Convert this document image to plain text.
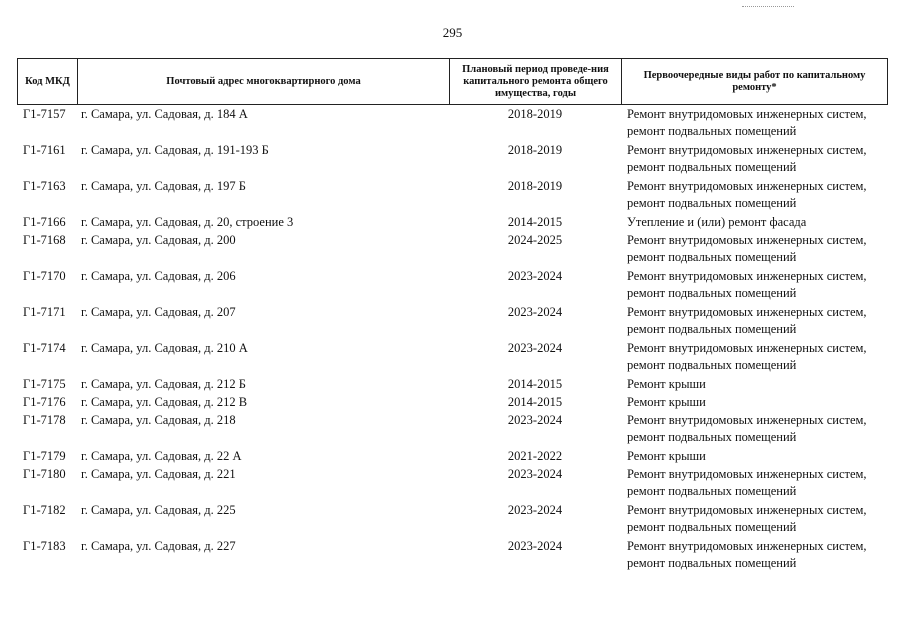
295
Код МКД	Почтовый адрес многоквартирного дома	Плановый период проведе-ния капитального ремонта общего имущества, годы	Первоочередные виды работ по капитальному ремонту*
Г1-7157	г. Самара, ул. Садовая, д. 184 А	2018-2019	Ремонт внутридомовых инженерных систем, ремонт подвальных помещений
Г1-7161	г. Самара, ул. Садовая, д. 191-193 Б	2018-2019	Ремонт внутридомовых инженерных систем, ремонт подвальных помещений
Г1-7163	г. Самара, ул. Садовая, д. 197 Б	2018-2019	Ремонт внутридомовых инженерных систем, ремонт подвальных помещений
Г1-7166	г. Самара, ул. Садовая, д. 20, строение 3	2014-2015	Утепление и (или) ремонт фасада
Г1-7168	г. Самара, ул. Садовая, д. 200	2024-2025	Ремонт внутридомовых инженерных систем, ремонт подвальных помещений
Г1-7170	г. Самара, ул. Садовая, д. 206	2023-2024	Ремонт внутридомовых инженерных систем, ремонт подвальных помещений
Г1-7171	г. Самара, ул. Садовая, д. 207	2023-2024	Ремонт внутридомовых инженерных систем, ремонт подвальных помещений
Г1-7174	г. Самара, ул. Садовая, д. 210 А	2023-2024	Ремонт внутридомовых инженерных систем, ремонт подвальных помещений
Г1-7175	г. Самара, ул. Садовая, д. 212 Б	2014-2015	Ремонт крыши
Г1-7176	г. Самара, ул. Садовая, д. 212 В	2014-2015	Ремонт крыши
Г1-7178	г. Самара, ул. Садовая, д. 218	2023-2024	Ремонт внутридомовых инженерных систем, ремонт подвальных помещений
Г1-7179	г. Самара, ул. Садовая, д. 22 А	2021-2022	Ремонт крыши
Г1-7180	г. Самара, ул. Садовая, д. 221	2023-2024	Ремонт внутридомовых инженерных систем, ремонт подвальных помещений
Г1-7182	г. Самара, ул. Садовая, д. 225	2023-2024	Ремонт внутридомовых инженерных систем, ремонт подвальных помещений
Г1-7183	г. Самара, ул. Садовая, д. 227	2023-2024	Ремонт внутридомовых инженерных систем, ремонт подвальных помещений
